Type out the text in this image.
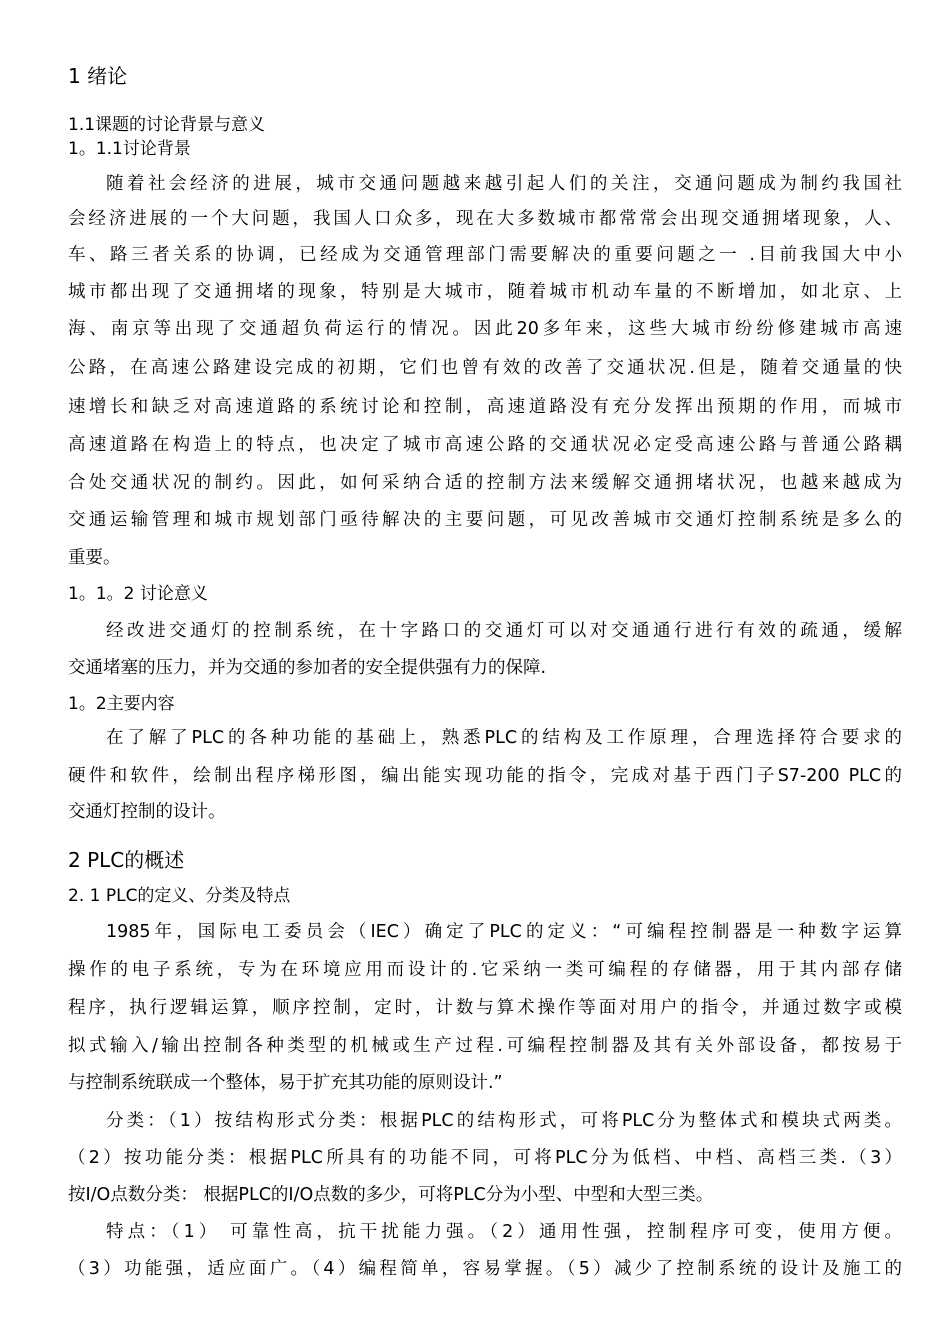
1 绪论
1.1课题的讨论背景与意义
1。1.1讨论背景
随着社会经济的进展，城市交通问题越来越引起人们的关注，交通问题成为制约我国社
会经济进展的一个大问题，我国人口众多，现在大多数城市都常常会出现交通拥堵现象，人、
车、路三者关系的协调，已经成为交通管理部门需要解决的重要问题之一 .目前我国大中小
城市都出现了交通拥堵的现象，特别是大城市，随着城市机动车量的不断增加，如北京、上
海、南京等出现了交通超负荷运行的情况。因此20多年来，这些大城市纷纷修建城市高速
公路，在高速公路建设完成的初期，它们也曾有效的改善了交通状况.但是，随着交通量的快
速增长和缺乏对高速道路的系统讨论和控制，高速道路没有充分发挥出预期的作用，而城市
高速道路在构造上的特点，也决定了城市高速公路的交通状况必定受高速公路与普通公路耦
合处交通状况的制约。因此，如何采纳合适的控制方法来缓解交通拥堵状况，也越来越成为
交通运输管理和城市规划部门亟待解决的主要问题，可见改善城市交通灯控制系统是多么的
重要。
1。1。2 讨论意义
经改进交通灯的控制系统，在十字路口的交通灯可以对交通通行进行有效的疏通，缓解
交通堵塞的压力，并为交通的参加者的安全提供强有力的保障.
1。2主要内容
在了解了PLC的各种功能的基础上，熟悉PLC的结构及工作原理，合理选择符合要求的
硬件和软件，绘制出程序梯形图，编出能实现功能的指令，完成对基于西门子S7-200 PLC的
交通灯控制的设计。
2 PLC的概述
2. 1 PLC的定义、分类及特点
1985年，国际电工委员会（IEC）确定了PLC的定义：“可编程控制器是一种数字运算
操作的电子系统，专为在环境应用而设计的.它采纳一类可编程的存储器，用于其内部存储
程序，执行逻辑运算，顺序控制，定时，计数与算术操作等面对用户的指令，并通过数字或模
拟式输入/输出控制各种类型的机械或生产过程.可编程控制器及其有关外部设备，都按易于
与控制系统联成一个整体，易于扩充其功能的原则设计.”
分类：（1）按结构形式分类：根据PLC的结构形式，可将PLC分为整体式和模块式两类。
（2）按功能分类：根据PLC所具有的功能不同，可将PLC分为低档、中档、高档三类.（3）
按I/O点数分类： 根据PLC的I/O点数的多少，可将PLC分为小型、中型和大型三类。
特点：（1） 可靠性高，抗干扰能力强。（2）通用性强，控制程序可变，使用方便。
（3）功能强，适应面广。（4）编程简单，容易掌握。（5）减少了控制系统的设计及施工的
